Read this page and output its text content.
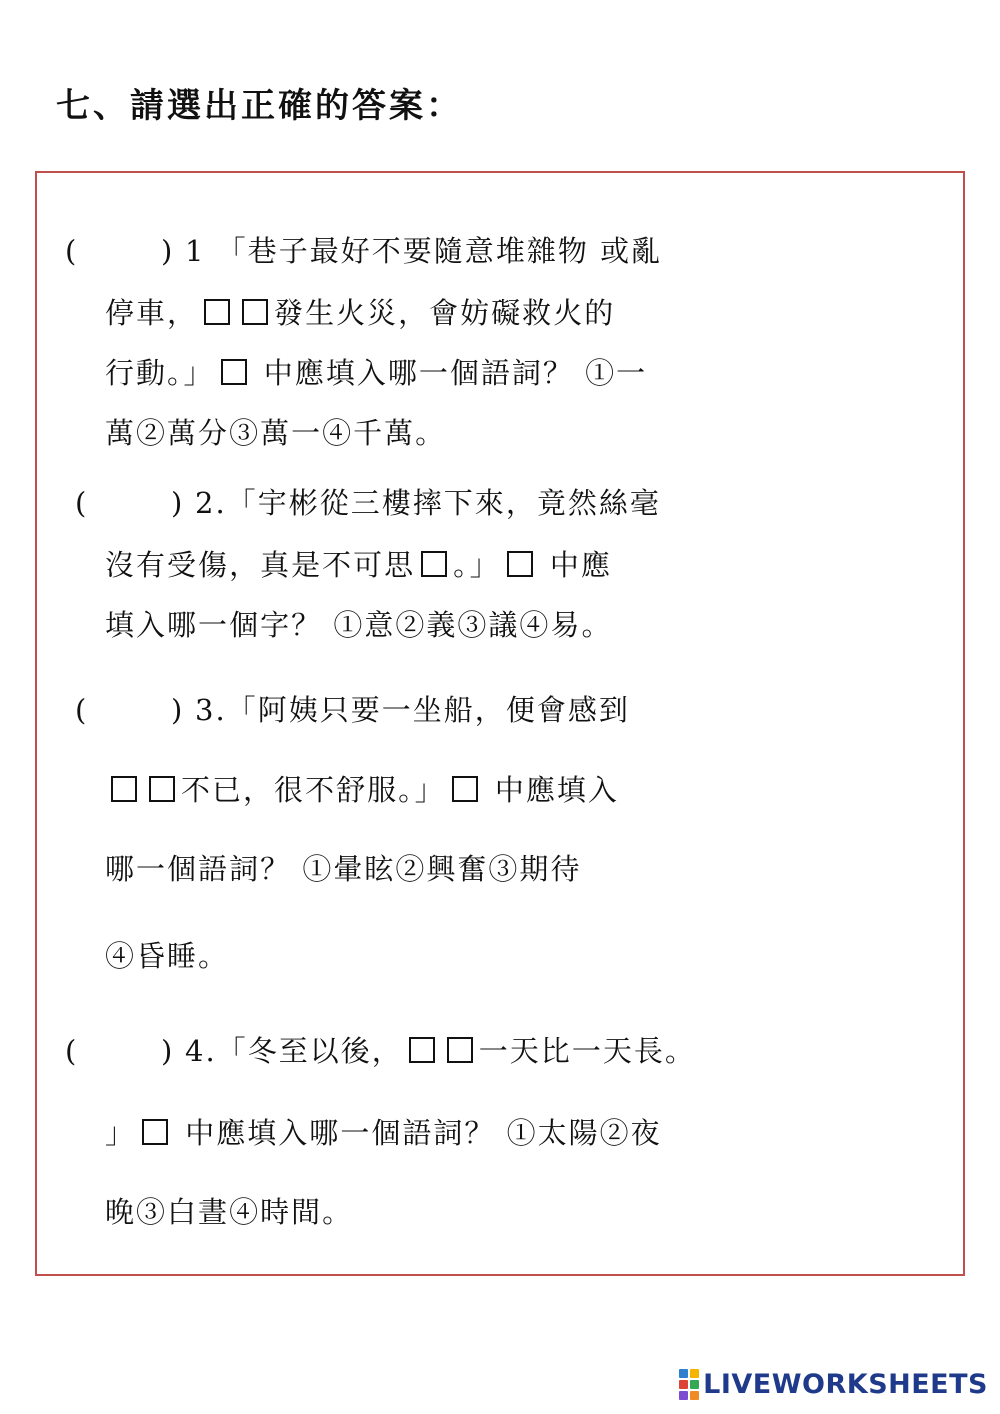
七、請選出正確的答案：
(	) 1 「巷子最好不要隨意堆雜物 或亂
停車，	發生火災，會妨礙救火的
行動。」 中應填入哪一個語詞？ ①一
萬②萬分③萬一④千萬。
(	) 2.「宇彬從三樓摔下來，竟然絲毫
沒有受傷，真是不可思 。」 中應
填入哪一個字？ ①意②義③議④易。
(	) 3.「阿姨只要一坐船，便會感到
不已，很不舒服。」 中應填入
哪一個語詞？ ①暈眩②興奮③期待
④昏睡。
(	) 4.「冬至以後，	一天比一天長。
」 中應填入哪一個語詞？ ①太陽②夜
晚③白晝④時間。
LIVEWORKSHEETS
